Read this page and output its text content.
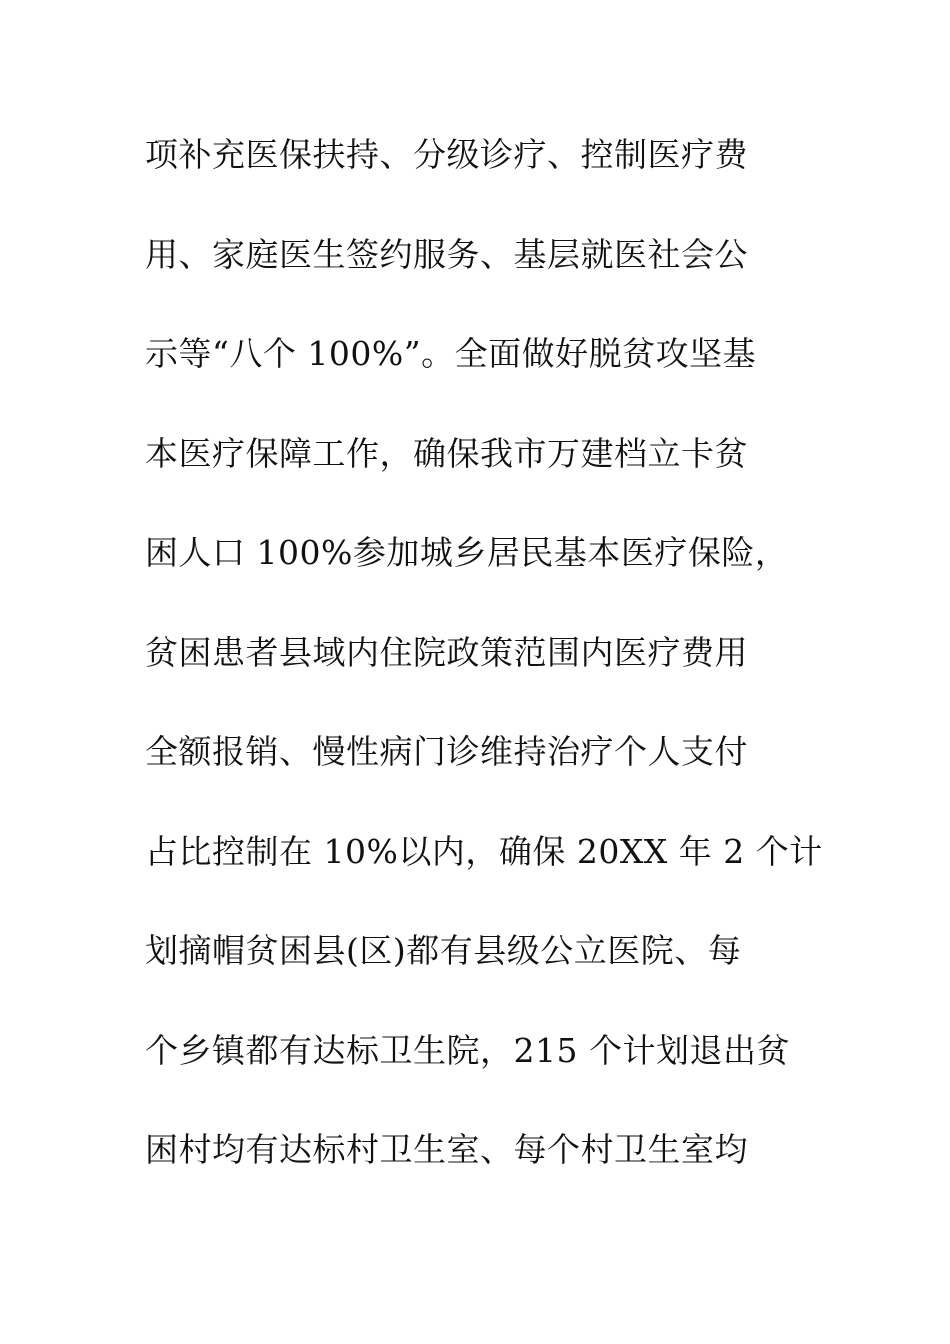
项补充医保扶持、分级诊疗、控制医疗费
用、家庭医生签约服务、基层就医社会公
示等“八个 100%”。全面做好脱贫攻坚基
本医疗保障工作，确保我市万建档立卡贫
困人口 100%参加城乡居民基本医疗保险，
贫困患者县域内住院政策范围内医疗费用
全额报销、慢性病门诊维持治疗个人支付
占比控制在 10%以内，确保 20XX 年 2 个计
划摘帽贫困县(区)都有县级公立医院、每
个乡镇都有达标卫生院，215 个计划退出贫
困村均有达标村卫生室、每个村卫生室均
